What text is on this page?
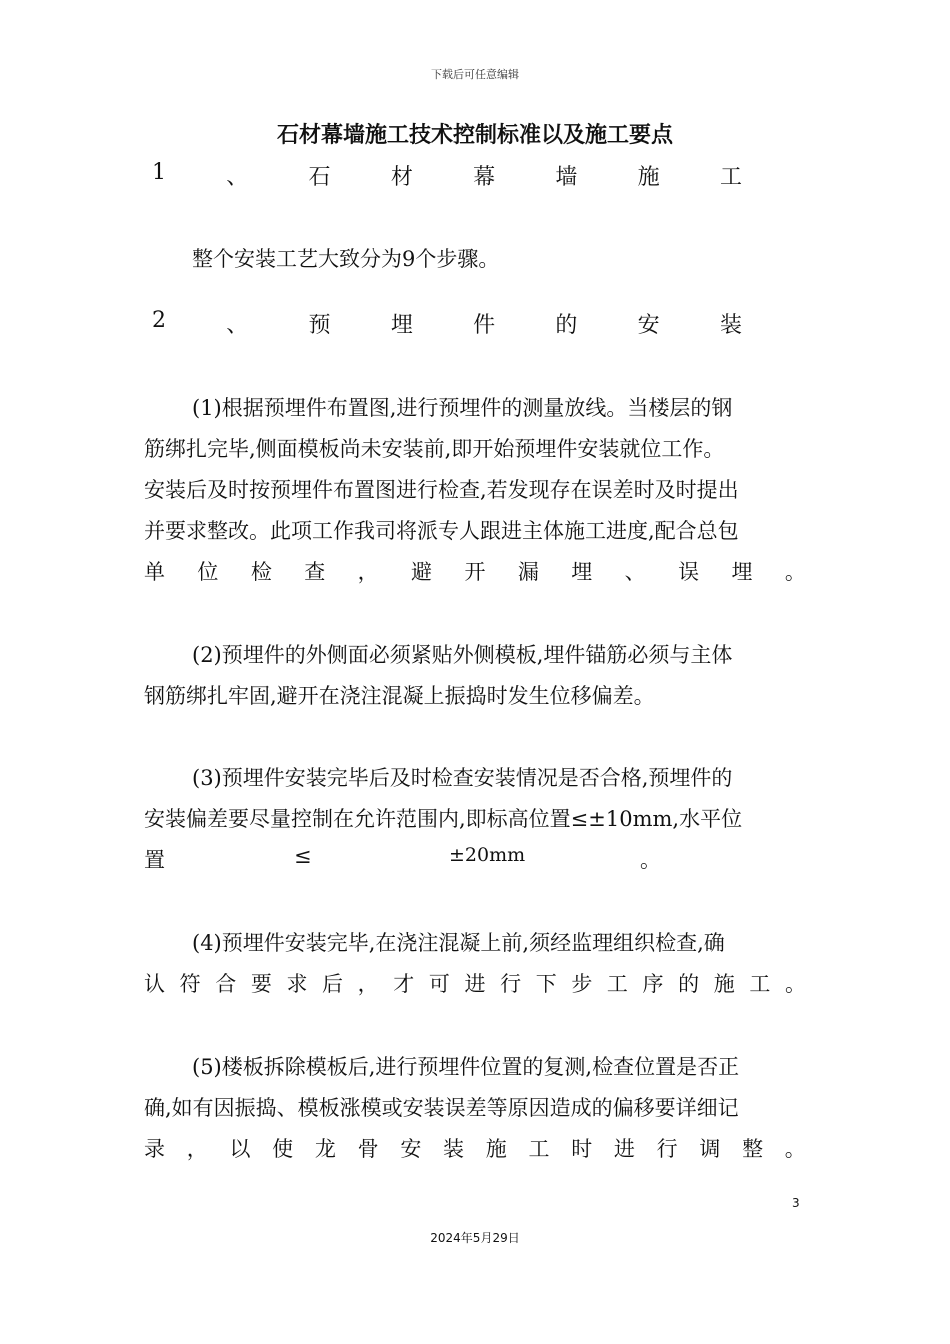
下载后可任意编辑
石材幕墙施工技术控制标准以及施工要点
1	、	石	材	幕	墙	施	工
整个安装工艺大致分为9个步骤。
2	、	预	埋	件	的	安	装
(1)根据预埋件布置图,进行预埋件的测量放线。当楼层的钢
筋绑扎完毕,侧面模板尚未安装前,即开始预埋件安装就位工作。
安装后及时按预埋件布置图进行检查,若发现存在误差时及时提出
并要求整改。此项工作我司将派专人跟进主体施工进度,配合总包
单 位 检 查 ， 避 开 漏 埋 、 误 埋 。
(2)预埋件的外侧面必须紧贴外侧模板,埋件锚筋必须与主体
钢筋绑扎牢固,避开在浇注混凝上振捣时发生位移偏差。
(3)预埋件安装完毕后及时检查安装情况是否合格,预埋件的
安装偏差要尽量控制在允许范围内,即标高位置≤±10mm,水平位
置	≤	±20mm	。
(4)预埋件安装完毕,在浇注混凝上前,须经监理组织检查,确
认 符 合 要 求 后 ， 才 可 进 行 下 步 工 序 的 施 工 。
(5)楼板拆除模板后,进行预埋件位置的复测,检查位置是否正
确,如有因振捣、模板涨模或安装误差等原因造成的偏移要详细记
录 ， 以 使 龙 骨 安 装 施 工 时 进 行 调 整 。
3
2024年5月29日
